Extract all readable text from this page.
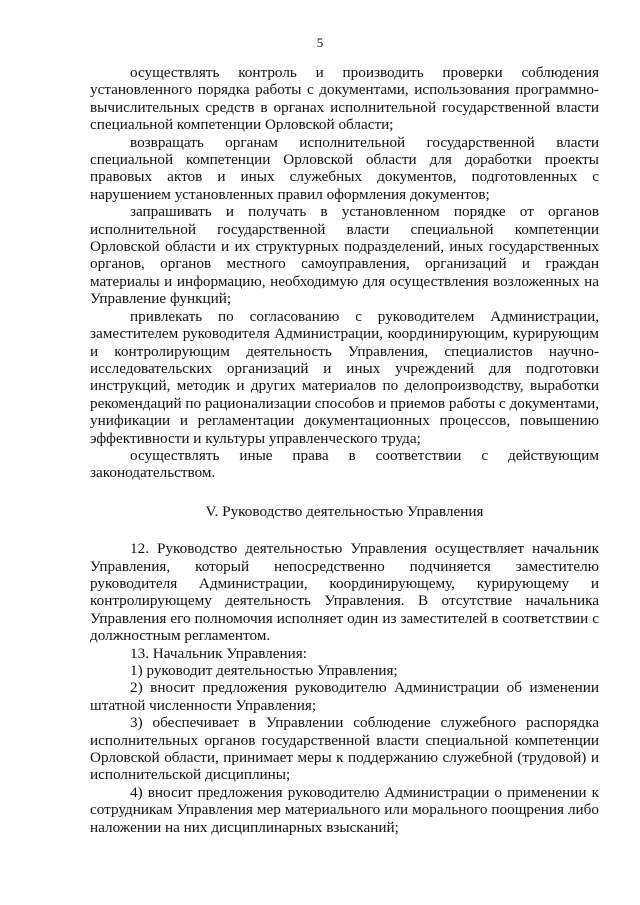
5

осуществлять контроль и производить проверки соблюдения установленного порядка работы с документами, использования программно-вычислительных средств в органах исполнительной государственной власти специальной компетенции Орловской области;

возвращать органам исполнительной государственной власти специальной компетенции Орловской области для доработки проекты правовых актов и иных служебных документов, подготовленных с нарушением установленных правил оформления документов;

запрашивать и получать в установленном порядке от органов исполнительной государственной власти специальной компетенции Орловской области и их структурных подразделений, иных государственных органов, органов местного самоуправления, организаций и граждан материалы и информацию, необходимую для осуществления возложенных на Управление функций;

привлекать по согласованию с руководителем Администрации, заместителем руководителя Администрации, координирующим, курирующим и контролирующим деятельность Управления, специалистов научно-исследовательских организаций и иных учреждений для подготовки инструкций, методик и других материалов по делопроизводству, выработки рекомендаций по рационализации способов и приемов работы с документами, унификации и регламентации документационных процессов, повышению эффективности и культуры управленческого труда;

осуществлять иные права в соответствии с действующим законодательством.

V. Руководство деятельностью Управления

12. Руководство деятельностью Управления осуществляет начальник Управления, который непосредственно подчиняется заместителю руководителя Администрации, координирующему, курирующему и контролирующему деятельность Управления. В отсутствие начальника Управления его полномочия исполняет один из заместителей в соответствии с должностным регламентом.

13. Начальник Управления:

1) руководит деятельностью Управления;

2) вносит предложения руководителю Администрации об изменении штатной численности Управления;

3) обеспечивает в Управлении соблюдение служебного распорядка исполнительных органов государственной власти специальной компетенции Орловской области, принимает меры к поддержанию служебной (трудовой) и исполнительской дисциплины;

4) вносит предложения руководителю Администрации о применении к сотрудникам Управления мер материального или морального поощрения либо наложении на них дисциплинарных взысканий;
